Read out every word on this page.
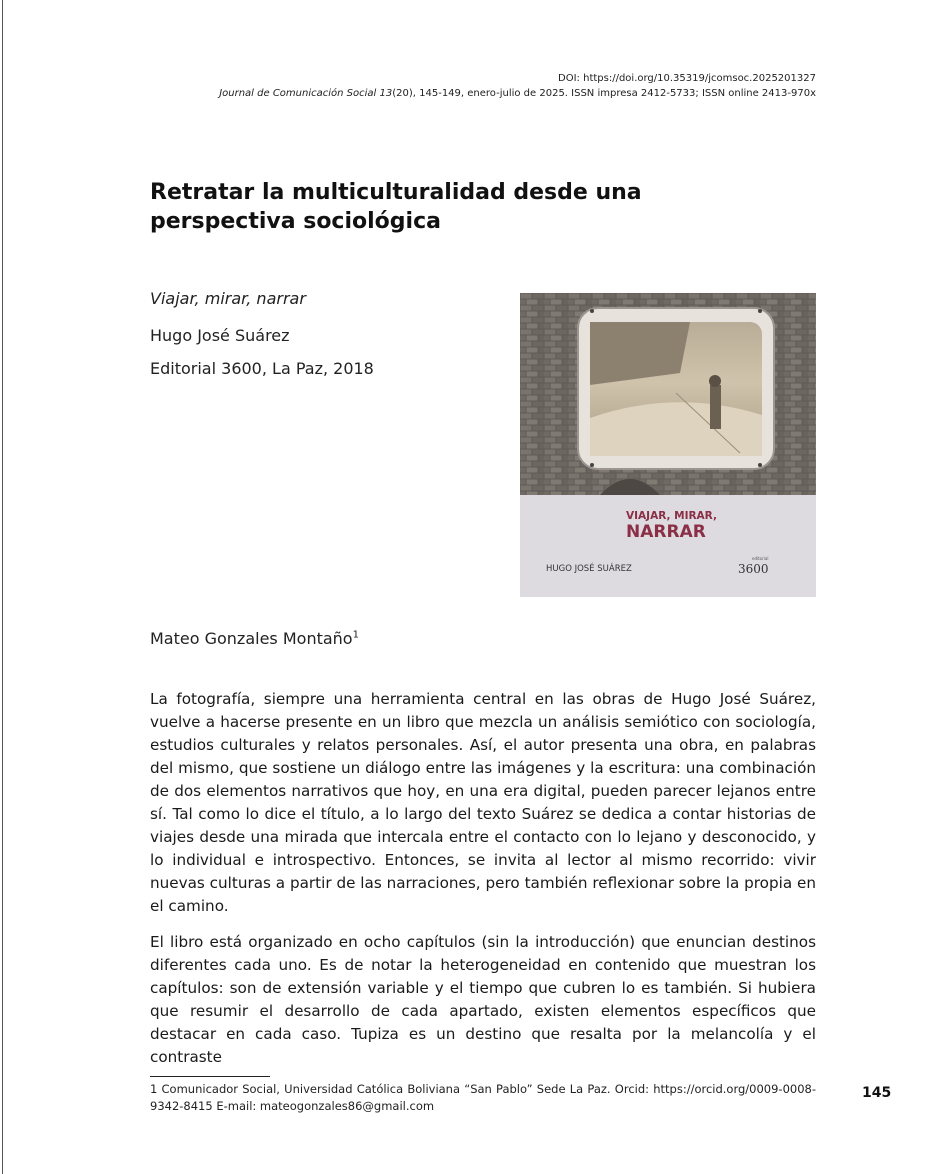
DOI: https://doi.org/10.35319/jcomsoc.2025201327
Journal de Comunicación Social 13(20), 145-149, enero-julio de 2025. ISSN impresa 2412-5733; ISSN online 2413-970x
Retratar la multiculturalidad desde una perspectiva sociológica
Viajar, mirar, narrar
Hugo José Suárez
Editorial 3600, La Paz, 2018
VIAJAR, MIRAR,
NARRAR
HUGO JOSÉ SUÁREZ
editorial
3600
Mateo Gonzales Montaño$^1$

La fotografía, siempre una herramienta central en las obras de Hugo José Suárez, vuelve a hacerse presente en un libro que mezcla un análisis semiótico con sociología, estudios culturales y relatos personales. Así, el autor presenta una obra, en palabras del mismo, que sostiene un diálogo entre las imágenes y la escritura: una combinación de dos elementos narrativos que hoy, en una era digital, pueden parecer lejanos entre sí. Tal como lo dice el título, a lo largo del texto Suárez se dedica a contar historias de viajes desde una mirada que intercala entre el contacto con lo lejano y desconocido, y lo individual e introspectivo. Entonces, se invita al lector al mismo recorrido: vivir nuevas culturas a partir de las narraciones, pero también reflexionar sobre la propia en el camino.

El libro está organizado en ocho capítulos (sin la introducción) que enuncian destinos diferentes cada uno. Es de notar la heterogeneidad en contenido que muestran los capítulos: son de extensión variable y el tiempo que cubren lo es también. Si hubiera que resumir el desarrollo de cada apartado, existen elementos específicos que destacar en cada caso. Tupiza es un destino que resalta por la melancolía y el contraste

1 Comunicador Social, Universidad Católica Boliviana “San Pablo” Sede La Paz. Orcid: https://orcid.org/0009-0008-9342-8415 E-mail: mateogonzales86@gmail.com
145
